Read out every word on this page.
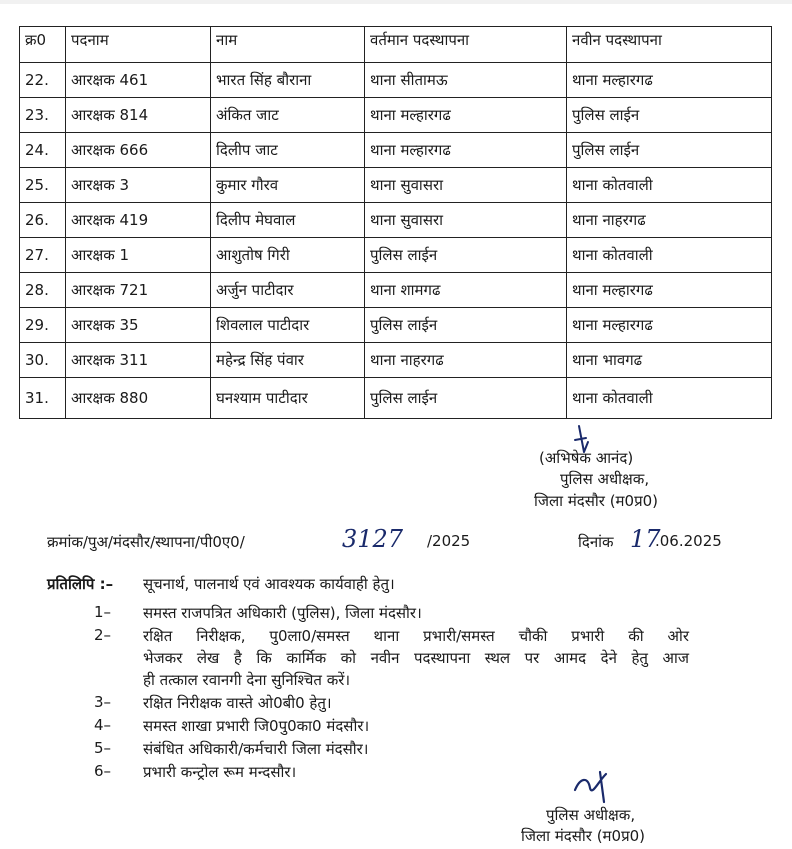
क्र0	पदनाम	नाम	वर्तमान पदस्थापना	नवीन पदस्थापना
22.	आरक्षक 461	भारत सिंह बौराना	थाना सीतामऊ	थाना मल्हारगढ
23.	आरक्षक 814	अंकित जाट	थाना मल्हारगढ	पुलिस लाईन
24.	आरक्षक 666	दिलीप जाट	थाना मल्हारगढ	पुलिस लाईन
25.	आरक्षक 3	कुमार गौरव	थाना सुवासरा	थाना कोतवाली
26.	आरक्षक 419	दिलीप मेघवाल	थाना सुवासरा	थाना नाहरगढ
27.	आरक्षक 1	आशुतोष गिरी	पुलिस लाईन	थाना कोतवाली
28.	आरक्षक 721	अर्जुन पाटीदार	थाना शामगढ	थाना मल्हारगढ
29.	आरक्षक 35	शिवलाल पाटीदार	पुलिस लाईन	थाना मल्हारगढ
30.	आरक्षक 311	महेन्द्र सिंह पंवार	थाना नाहरगढ	थाना भावगढ
31.	आरक्षक 880	घनश्याम पाटीदार	पुलिस लाईन	थाना कोतवाली
(अभिषेक आनंद)
पुलिस अधीक्षक,
जिला मंदसौर (म0प्र0)
क्रमांक/पुअ/मंदसौर/स्थापना/पी0ए0/	3127 /2025	दिनांक 17
.06.2025
प्रतिलिपि :– सूचनार्थ, पालनार्थ एवं आवश्यक कार्यवाही हेतु।
1– समस्त राजपत्रित अधिकारी (पुलिस), जिला मंदसौर।
2– रक्षित निरीक्षक, पु0ला0/समस्त थाना प्रभारी/समस्त चौकी प्रभारी की ओर
भेजकर लेख है कि कार्मिक को नवीन पदस्थापना स्थल पर आमद देने हेतु आज
ही तत्काल रवानगी देना सुनिश्चित करें।
3– रक्षित निरीक्षक वास्ते ओ0बी0 हेतु।
4– समस्त शाखा प्रभारी जि0पु0का0 मंदसौर।
5– संबंधित अधिकारी/कर्मचारी जिला मंदसौर।
6– प्रभारी कन्ट्रोल रूम मन्दसौर।
पुलिस अधीक्षक,
जिला मंदसौर (म0प्र0)
